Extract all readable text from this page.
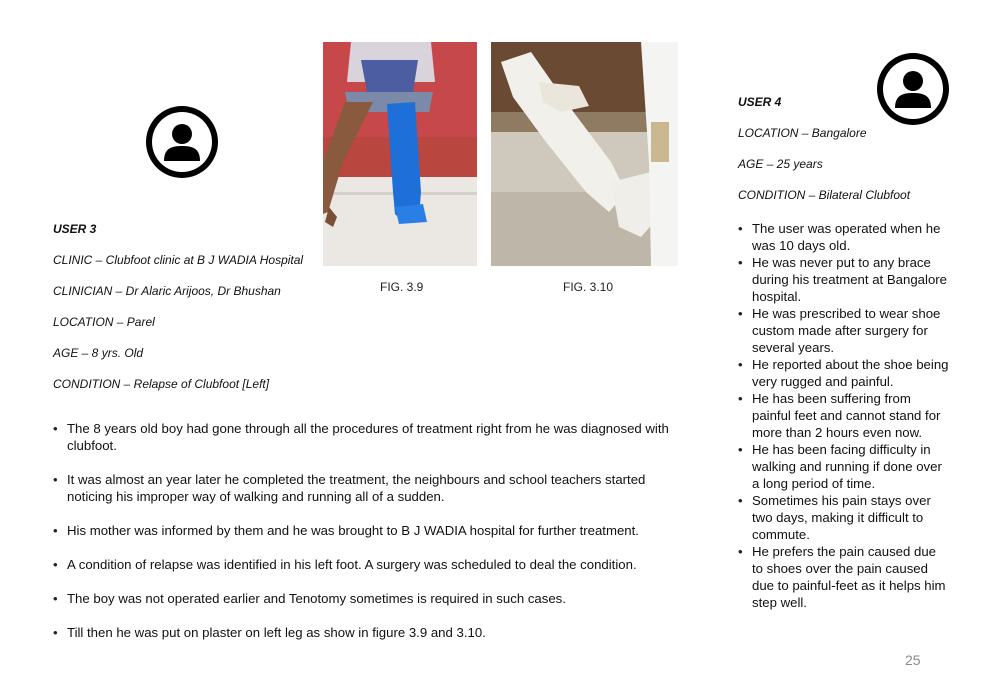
USER 3
CLINIC – Clubfoot clinic at B J WADIA Hospital
CLINICIAN – Dr Alaric Arijoos, Dr Bhushan
LOCATION – Parel
AGE – 8 yrs. Old
CONDITION – Relapse of Clubfoot [Left]
FIG. 3.9	FIG. 3.10
• The 8 years old boy had gone through all the procedures of treatment right from he was diagnosed with clubfoot.
• It was almost an year later he completed the treatment, the neighbours and school teachers started noticing his improper way of walking and running all of a sudden.
• His mother was informed by them and he was brought to B J WADIA hospital for further treatment.
• A condition of relapse was identified in his left foot. A surgery was scheduled to deal the condition.
• The boy was not operated earlier and Tenotomy sometimes is required in such cases.
• Till then he was put on plaster on left leg as show in figure 3.9 and 3.10.
USER 4
LOCATION – Bangalore
AGE – 25 years
CONDITION – Bilateral Clubfoot
• The user was operated when he was 10 days old.
• He was never put to any brace during his treatment at Bangalore hospital.
• He was prescribed to wear shoe custom made after surgery for several years.
• He reported about the shoe being very rugged and painful.
• He has been suffering from painful feet and cannot stand for more than 2 hours even now.
• He has been facing difficulty in walking and running if done over a long period of time.
• Sometimes his pain stays over two days, making it difficult to commute.
• He prefers the pain caused due to shoes over the pain caused due to painful-feet as it helps him step well.
25
